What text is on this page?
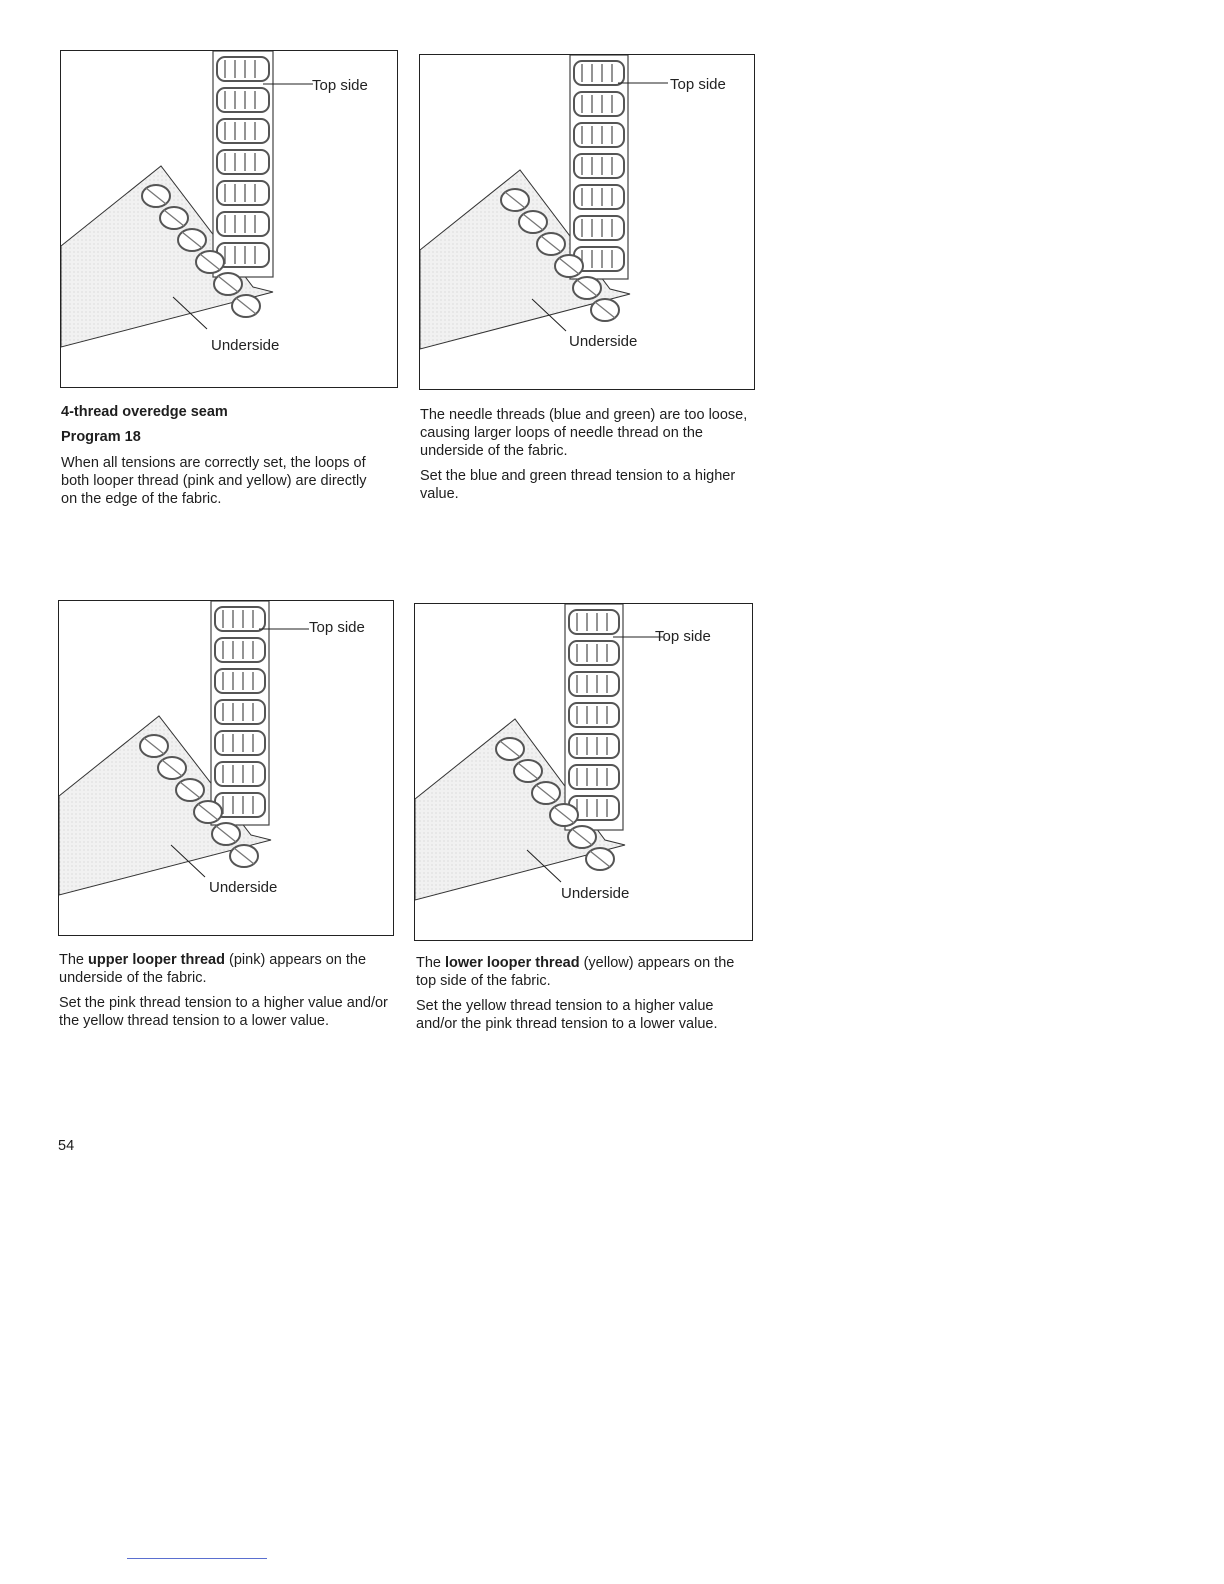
Top side
Underside
Top side
Underside
Top side
Underside
Top side
Underside

4-thread overedge seam

Program 18

When all tensions are correctly set, the loops of both looper thread (pink and yellow) are directly on the edge of the fabric.

The needle threads (blue and green) are too loose, causing larger loops of needle thread on the underside of the fabric.

Set the blue and green thread tension to a higher value.

The upper looper thread (pink) appears on the underside of the fabric.

Set the pink thread tension to a higher value and/or the yellow thread tension to a lower value.

The lower looper thread (yellow) appears on the top side of the fabric.

Set the yellow thread tension to a higher value and/or the pink thread tension to a lower value.

54
